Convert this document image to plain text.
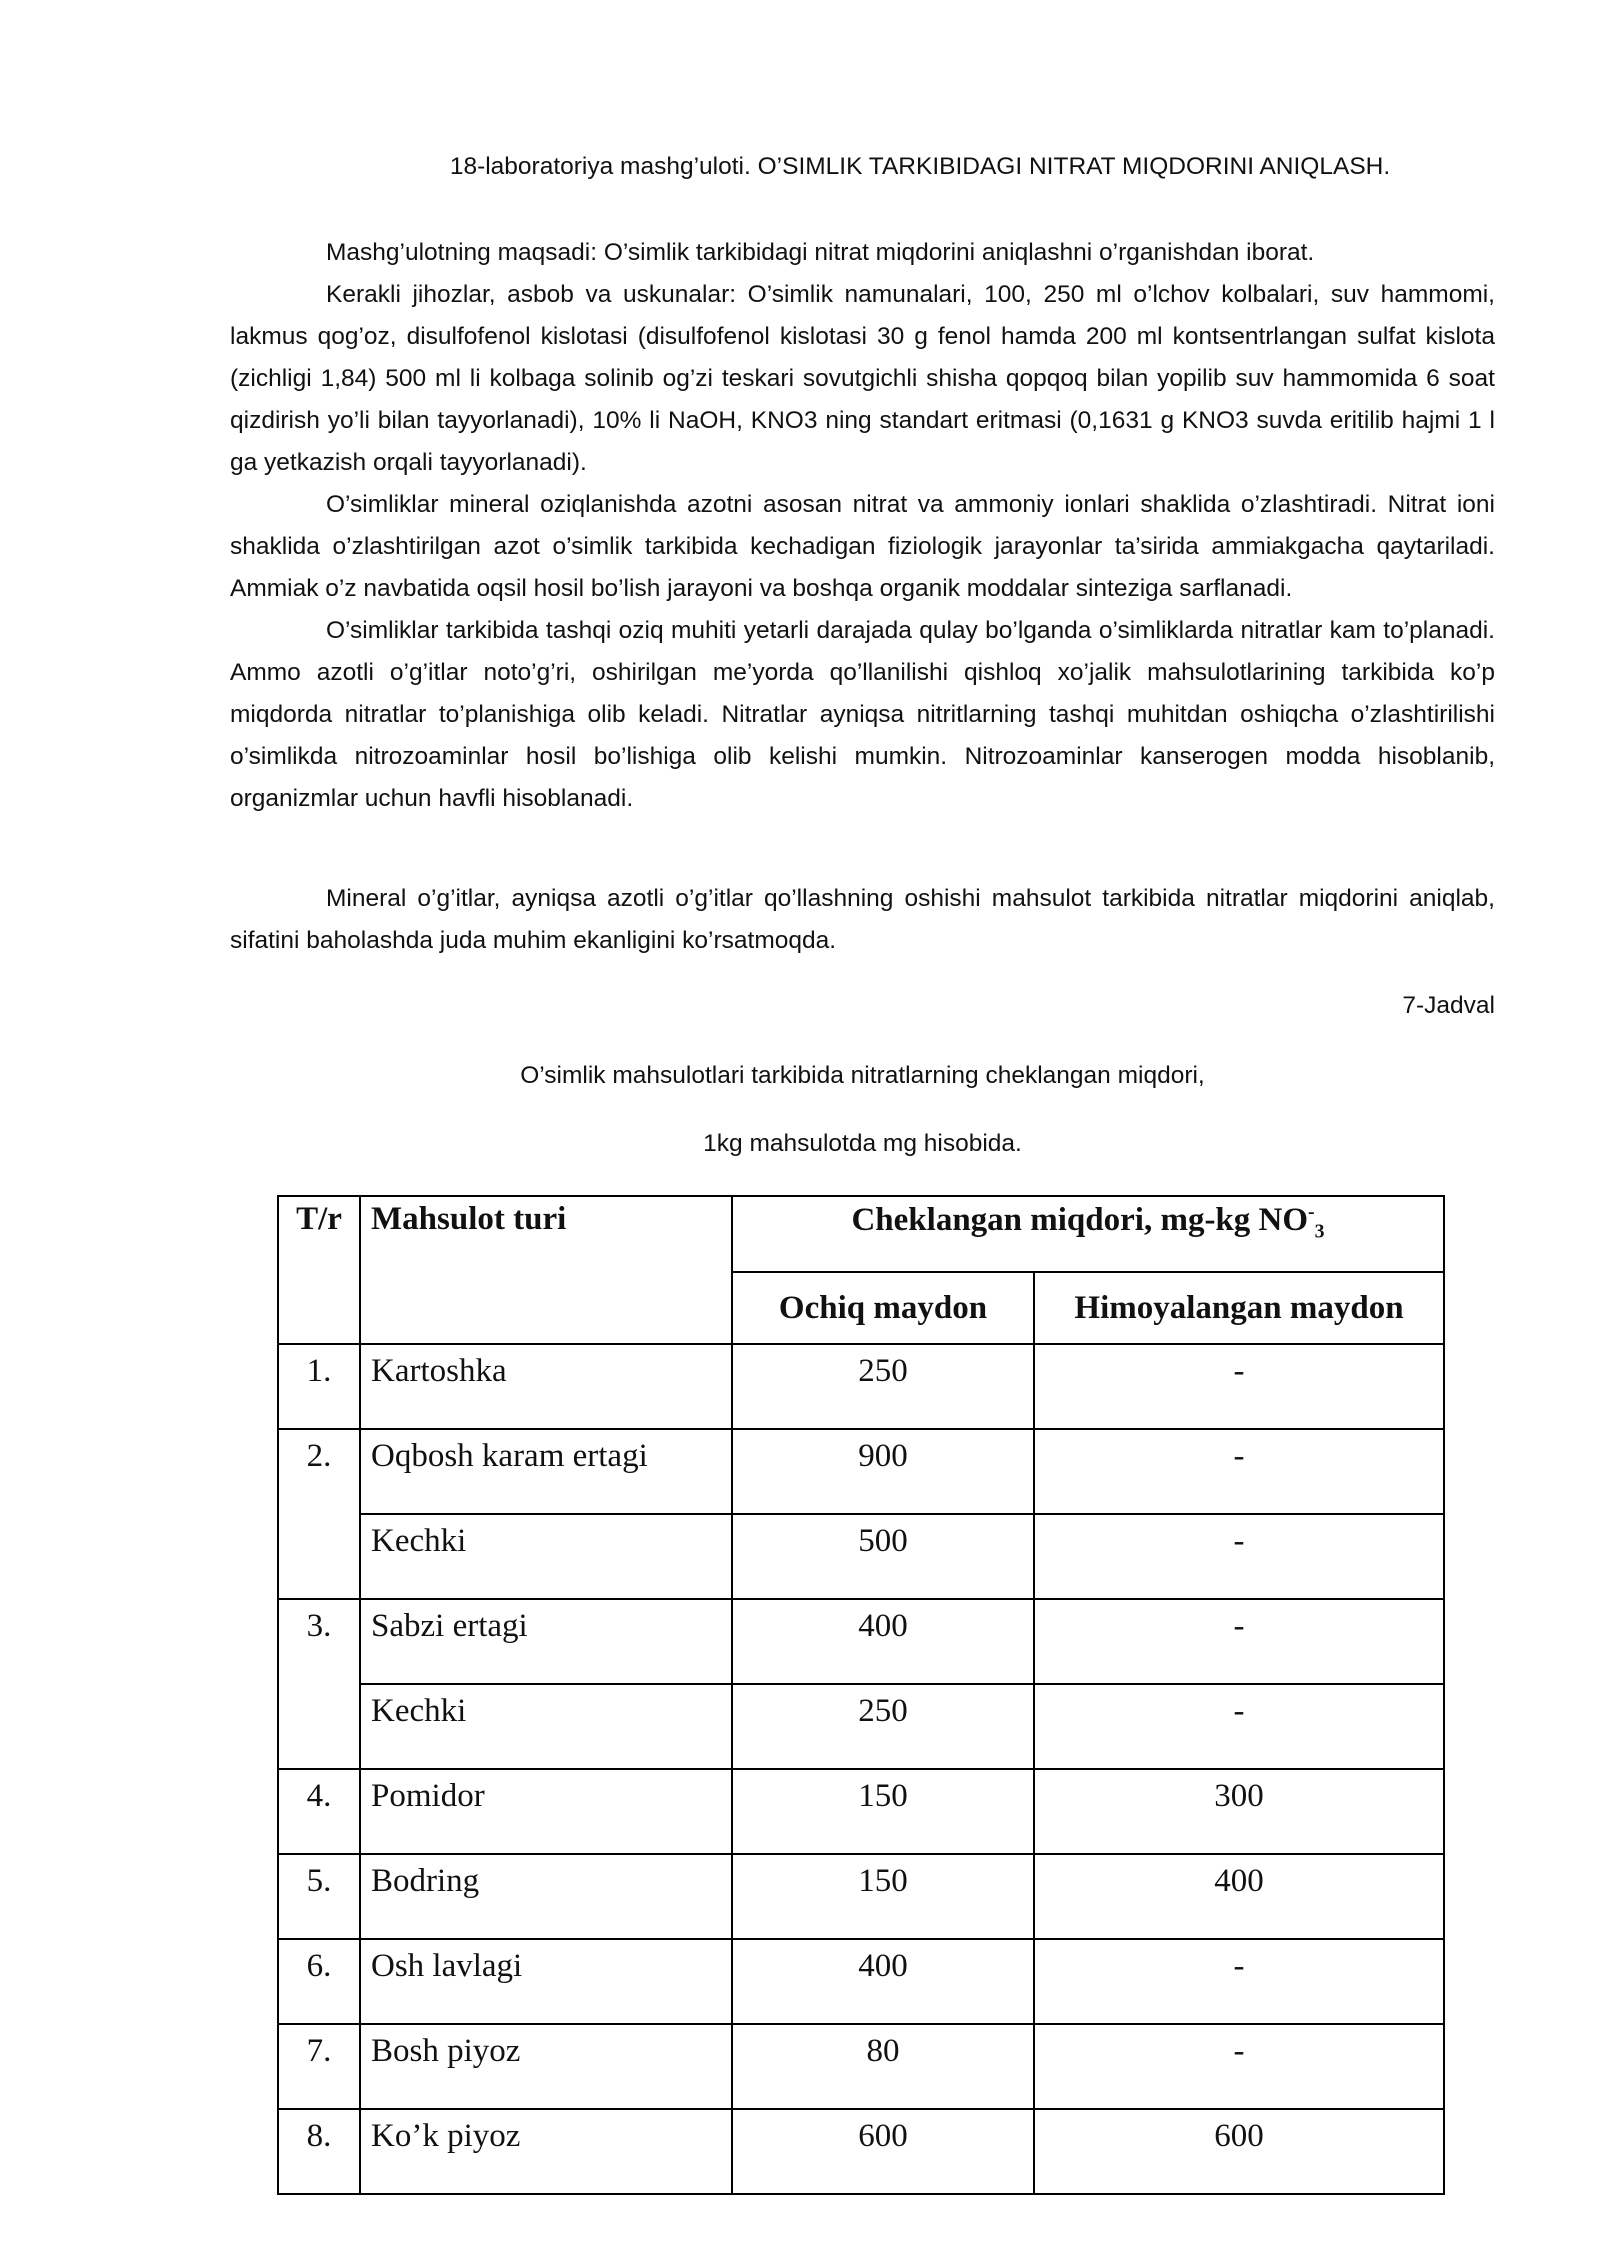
18-laboratoriya mashg’uloti. O’SIMLIK TARKIBIDAGI NITRAT MIQDORINI ANIQLASH.

Mashg’ulotning maqsadi: O’simlik tarkibidagi nitrat miqdorini aniqlashni o’rganishdan iborat.

Kerakli jihozlar, asbob va uskunalar: O’simlik namunalari, 100, 250 ml o’lchov kolbalari, suv hammomi, lakmus qog’oz, disulfofenol kislotasi (disulfofenol kislotasi 30 g fenol hamda 200 ml kontsentrlangan sulfat kislota (zichligi 1,84) 500 ml li kolbaga solinib og’zi teskari sovutgichli shisha qopqoq bilan yopilib suv hammomida 6 soat qizdirish yo’li bilan tayyorlanadi), 10% li NaOH, KNO3 ning standart eritmasi (0,1631 g KNO3 suvda eritilib hajmi 1 l ga yetkazish orqali tayyorlanadi).

O’simliklar mineral oziqlanishda azotni asosan nitrat va ammoniy ionlari shaklida o’zlashtiradi. Nitrat ioni shaklida o’zlashtirilgan azot o’simlik tarkibida kechadigan fiziologik jarayonlar ta’sirida ammiakgacha qaytariladi. Ammiak o’z navbatida oqsil hosil bo’lish jarayoni va boshqa organik moddalar sinteziga sarflanadi.

O’simliklar tarkibida tashqi oziq muhiti yetarli darajada qulay bo’lganda o’simliklarda nitratlar kam to’planadi. Ammo azotli o’g’itlar noto’g’ri, oshirilgan me’yorda qo’llanilishi qishloq xo’jalik mahsulotlarining tarkibida ko’p miqdorda nitratlar to’planishiga olib keladi. Nitratlar ayniqsa nitritlarning tashqi muhitdan oshiqcha o’zlashtirilishi o’simlikda nitrozoaminlar hosil bo’lishiga olib kelishi mumkin. Nitrozoaminlar kanserogen modda hisoblanib, organizmlar uchun havfli hisoblanadi.

Mineral o’g’itlar, ayniqsa azotli o’g’itlar qo’llashning oshishi mahsulot tarkibida nitratlar miqdorini aniqlab, sifatini baholashda juda muhim ekanligini ko’rsatmoqda.

7-Jadval
O’simlik mahsulotlari tarkibida nitratlarning cheklangan miqdori,
1kg mahsulotda mg hisobida.
T/r	Mahsulot turi	Cheklangan miqdori, mg-kg $NO^-_3$
		Ochiq maydon	Himoyalangan maydon
1.	Kartoshka	250	-
2.	Oqbosh karam ertagi	900	-
	Kechki	500	-
3.	Sabzi ertagi	400	-
	Kechki	250	-
4.	Pomidor	150	300
5.	Bodring	150	400
6.	Osh lavlagi	400	-
7.	Bosh piyoz	80	-
8.	Ko’k piyoz	600	600
